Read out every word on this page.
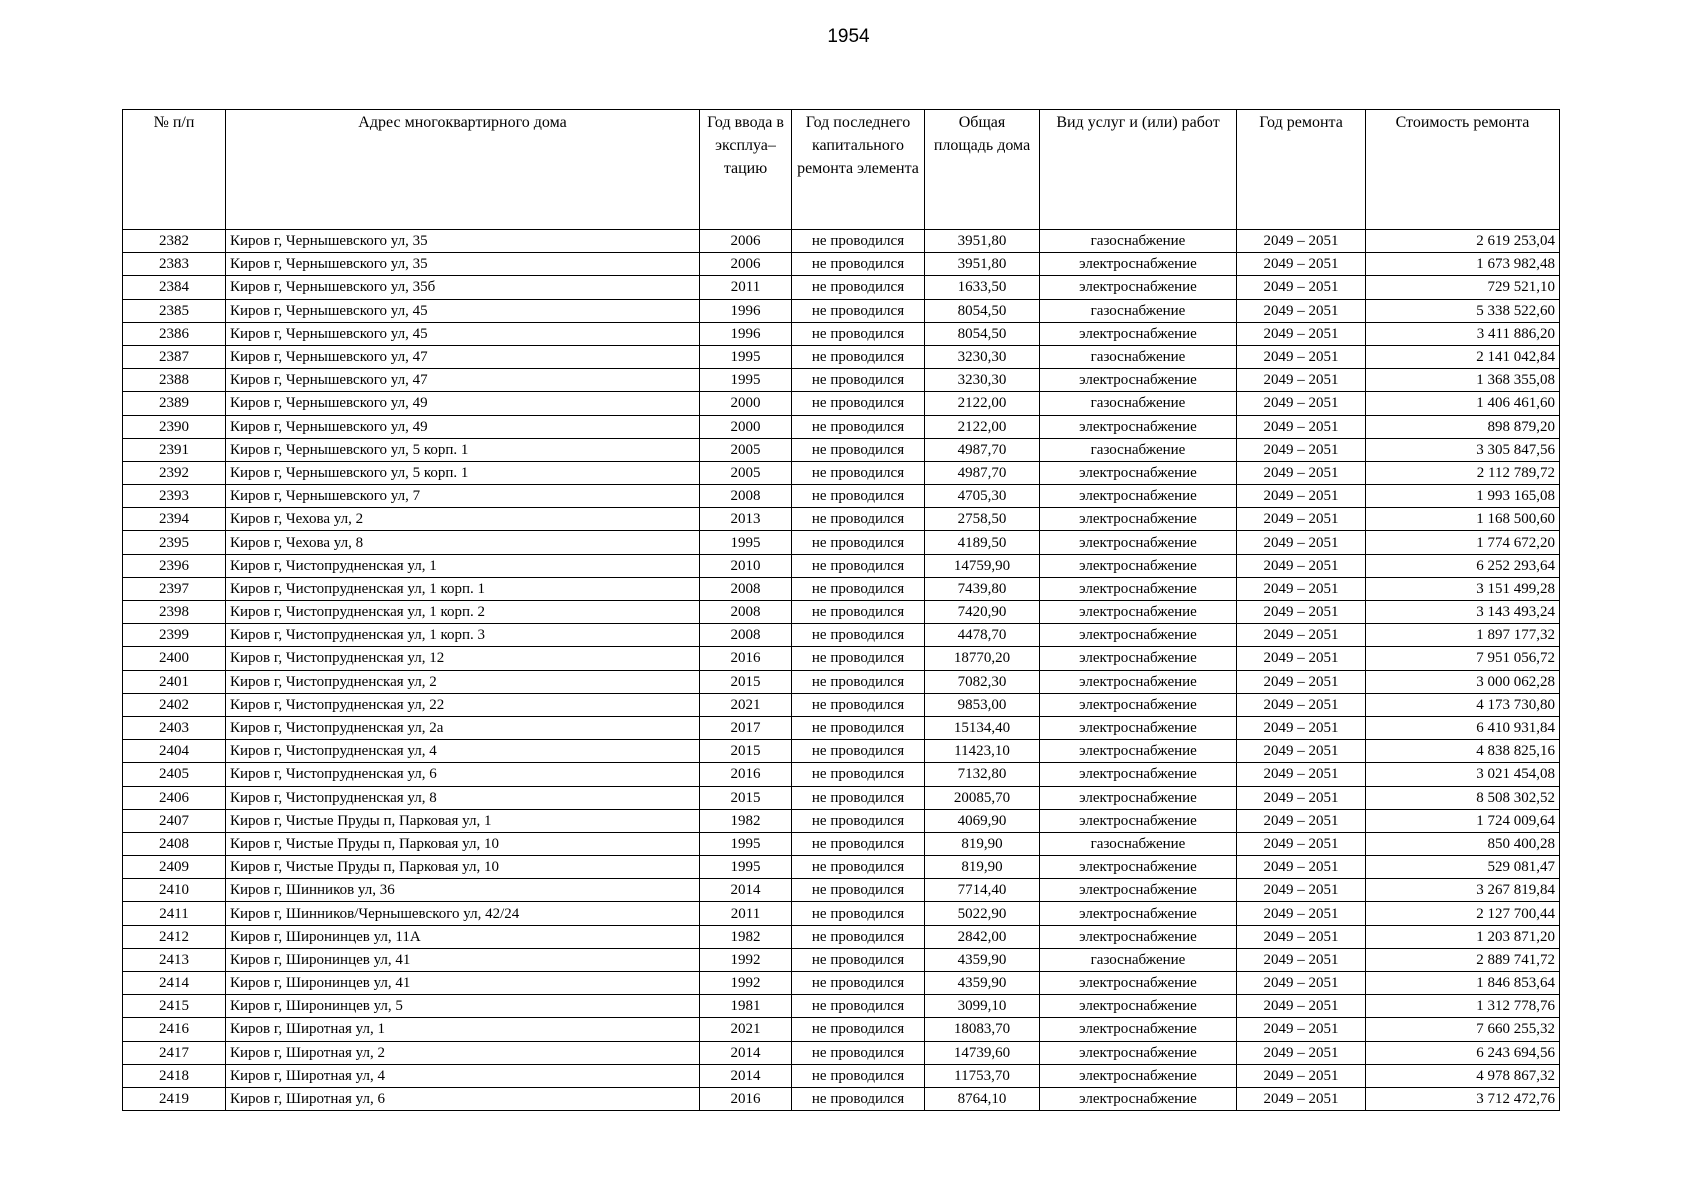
1954
№ п/п	Адрес многоквартирного дома	Год ввода в эксплуа– тацию	Год последнего капитального ремонта элемента	Общая площадь дома	Вид услуг и (или) работ	Год ремонта	Стоимость ремонта
2382	Киров г, Чернышевского ул, 35	2006	не проводился	3951,80	газоснабжение	2049 – 2051	2 619 253,04
2383	Киров г, Чернышевского ул, 35	2006	не проводился	3951,80	электроснабжение	2049 – 2051	1 673 982,48
2384	Киров г, Чернышевского ул, 35б	2011	не проводился	1633,50	электроснабжение	2049 – 2051	729 521,10
2385	Киров г, Чернышевского ул, 45	1996	не проводился	8054,50	газоснабжение	2049 – 2051	5 338 522,60
2386	Киров г, Чернышевского ул, 45	1996	не проводился	8054,50	электроснабжение	2049 – 2051	3 411 886,20
2387	Киров г, Чернышевского ул, 47	1995	не проводился	3230,30	газоснабжение	2049 – 2051	2 141 042,84
2388	Киров г, Чернышевского ул, 47	1995	не проводился	3230,30	электроснабжение	2049 – 2051	1 368 355,08
2389	Киров г, Чернышевского ул, 49	2000	не проводился	2122,00	газоснабжение	2049 – 2051	1 406 461,60
2390	Киров г, Чернышевского ул, 49	2000	не проводился	2122,00	электроснабжение	2049 – 2051	898 879,20
2391	Киров г, Чернышевского ул, 5 корп. 1	2005	не проводился	4987,70	газоснабжение	2049 – 2051	3 305 847,56
2392	Киров г, Чернышевского ул, 5 корп. 1	2005	не проводился	4987,70	электроснабжение	2049 – 2051	2 112 789,72
2393	Киров г, Чернышевского ул, 7	2008	не проводился	4705,30	электроснабжение	2049 – 2051	1 993 165,08
2394	Киров г, Чехова ул, 2	2013	не проводился	2758,50	электроснабжение	2049 – 2051	1 168 500,60
2395	Киров г, Чехова ул, 8	1995	не проводился	4189,50	электроснабжение	2049 – 2051	1 774 672,20
2396	Киров г, Чистопрудненская ул, 1	2010	не проводился	14759,90	электроснабжение	2049 – 2051	6 252 293,64
2397	Киров г, Чистопрудненская ул, 1 корп. 1	2008	не проводился	7439,80	электроснабжение	2049 – 2051	3 151 499,28
2398	Киров г, Чистопрудненская ул, 1 корп. 2	2008	не проводился	7420,90	электроснабжение	2049 – 2051	3 143 493,24
2399	Киров г, Чистопрудненская ул, 1 корп. 3	2008	не проводился	4478,70	электроснабжение	2049 – 2051	1 897 177,32
2400	Киров г, Чистопрудненская ул, 12	2016	не проводился	18770,20	электроснабжение	2049 – 2051	7 951 056,72
2401	Киров г, Чистопрудненская ул, 2	2015	не проводился	7082,30	электроснабжение	2049 – 2051	3 000 062,28
2402	Киров г, Чистопрудненская ул, 22	2021	не проводился	9853,00	электроснабжение	2049 – 2051	4 173 730,80
2403	Киров г, Чистопрудненская ул, 2а	2017	не проводился	15134,40	электроснабжение	2049 – 2051	6 410 931,84
2404	Киров г, Чистопрудненская ул, 4	2015	не проводился	11423,10	электроснабжение	2049 – 2051	4 838 825,16
2405	Киров г, Чистопрудненская ул, 6	2016	не проводился	7132,80	электроснабжение	2049 – 2051	3 021 454,08
2406	Киров г, Чистопрудненская ул, 8	2015	не проводился	20085,70	электроснабжение	2049 – 2051	8 508 302,52
2407	Киров г, Чистые Пруды п, Парковая ул, 1	1982	не проводился	4069,90	электроснабжение	2049 – 2051	1 724 009,64
2408	Киров г, Чистые Пруды п, Парковая ул, 10	1995	не проводился	819,90	газоснабжение	2049 – 2051	850 400,28
2409	Киров г, Чистые Пруды п, Парковая ул, 10	1995	не проводился	819,90	электроснабжение	2049 – 2051	529 081,47
2410	Киров г, Шинников ул, 36	2014	не проводился	7714,40	электроснабжение	2049 – 2051	3 267 819,84
2411	Киров г, Шинников/Чернышевского ул, 42/24	2011	не проводился	5022,90	электроснабжение	2049 – 2051	2 127 700,44
2412	Киров г, Широнинцев ул, 11А	1982	не проводился	2842,00	электроснабжение	2049 – 2051	1 203 871,20
2413	Киров г, Широнинцев ул, 41	1992	не проводился	4359,90	газоснабжение	2049 – 2051	2 889 741,72
2414	Киров г, Широнинцев ул, 41	1992	не проводился	4359,90	электроснабжение	2049 – 2051	1 846 853,64
2415	Киров г, Широнинцев ул, 5	1981	не проводился	3099,10	электроснабжение	2049 – 2051	1 312 778,76
2416	Киров г, Широтная ул, 1	2021	не проводился	18083,70	электроснабжение	2049 – 2051	7 660 255,32
2417	Киров г, Широтная ул, 2	2014	не проводился	14739,60	электроснабжение	2049 – 2051	6 243 694,56
2418	Киров г, Широтная ул, 4	2014	не проводился	11753,70	электроснабжение	2049 – 2051	4 978 867,32
2419	Киров г, Широтная ул, 6	2016	не проводился	8764,10	электроснабжение	2049 – 2051	3 712 472,76
